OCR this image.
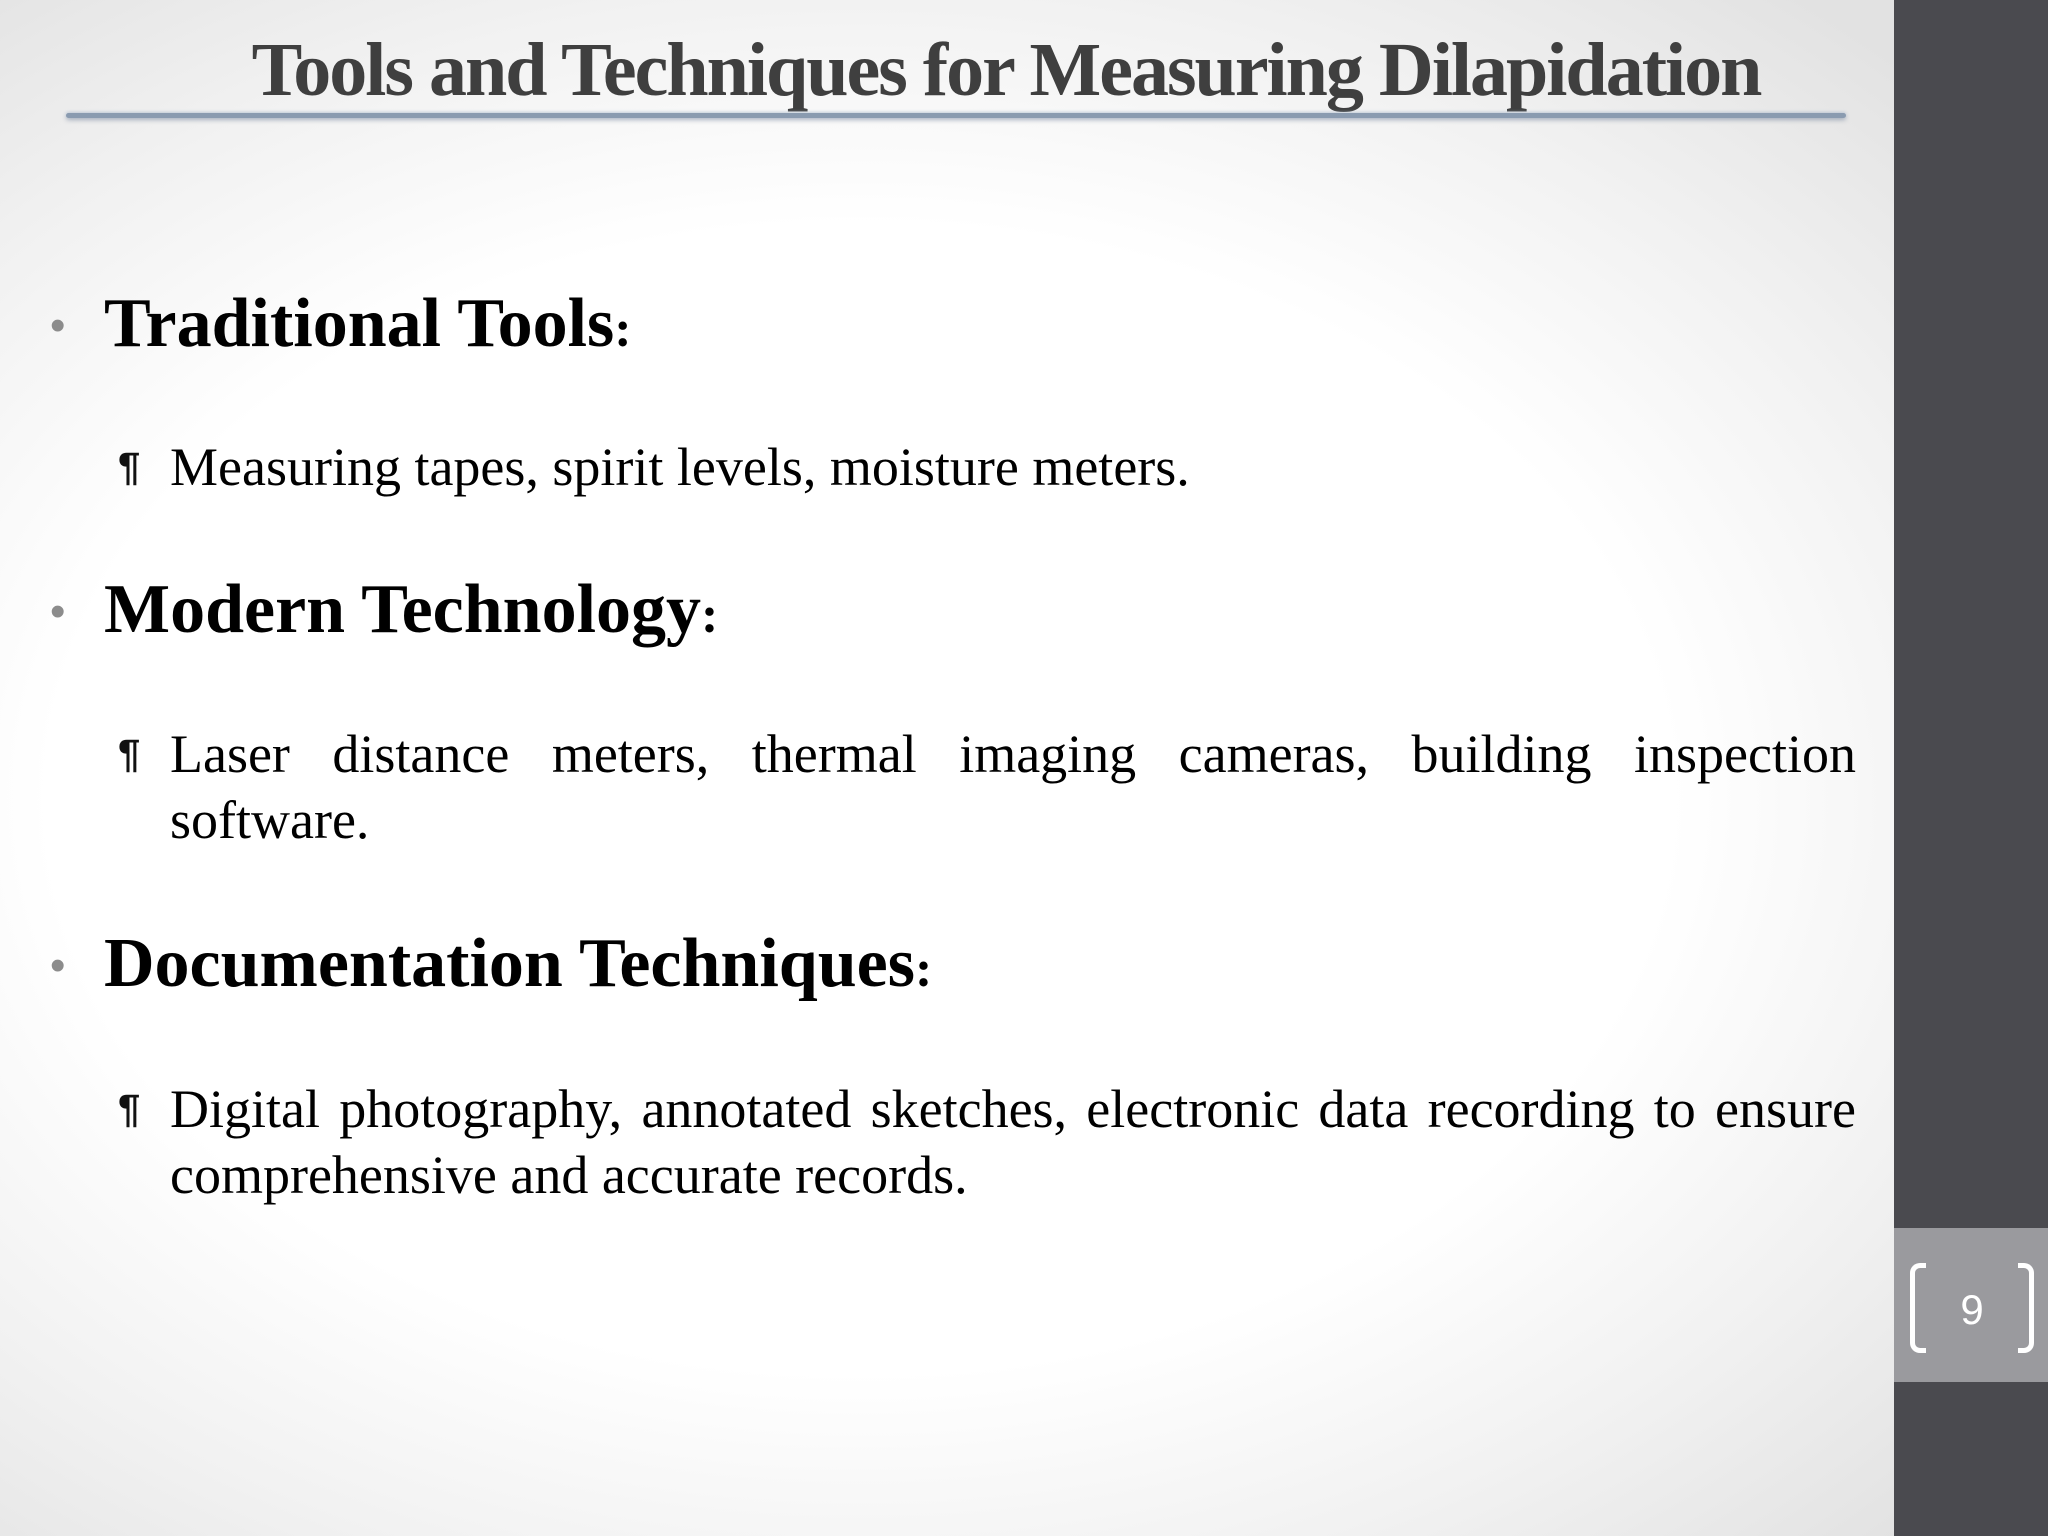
Tools and Techniques for Measuring Dilapidation
• Traditional Tools:
¶ Measuring tapes, spirit levels, moisture meters.

• Modern Technology:
¶ Laser distance meters, thermal imaging cameras, building inspection software.

• Documentation Techniques:
¶ Digital photography, annotated sketches, electronic data recording to ensure comprehensive and accurate records.

9
